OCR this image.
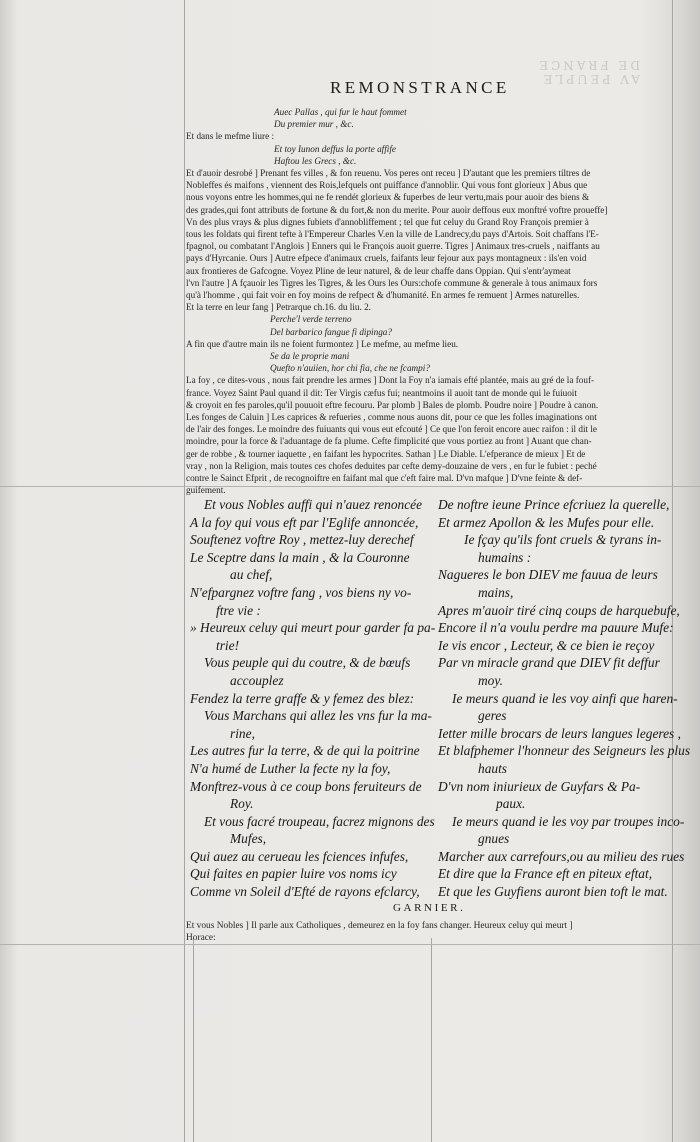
AV PEUPLE DE FRANCE
REMONSTRANCE

Auec Pallas , qui fur le haut fommet

Du premier mur , &c.

Et dans le mefme liure :

Et toy Iunon deffus la porte affife

Haftou les Grecs , &c.

Et d'auoir desrobé ] Prenant fes villes , & fon reuenu. Vos peres ont receu ] D'autant que les premiers tiltres de

Nobleffes és maifons , viennent des Rois,lefquels ont puiffance d'annoblir. Qui vous font glorieux ] Abus que

nous voyons entre les hommes,qui ne fe rendét glorieux & fuperbes de leur vertu,mais pour auoir des biens &

des grades,qui font attributs de fortune & du fort,& non du merite. Pour auoir deffous eux monftré voftre proueffe]

Vn des plus vrays & plus dignes fubiets d'annobliffement ; tel que fut celuy du Grand Roy François premier à

tous les foldats qui firent tefte à l'Empereur Charles V.en la ville de Landrecy,du pays d'Artois. Soit chaffans l'E-

fpagnol, ou combatant l'Anglois ] Enners qui le François auoit guerre. Tigres ] Animaux tres-cruels , naiffants au

pays d'Hyrcanie. Ours ] Autre efpece d'animaux cruels, faifants leur fejour aux pays montagneux : ils'en void

aux frontieres de Gafcogne. Voyez Pline de leur naturel, & de leur chaffe dans Oppian. Qui s'entr'aymeat

l'vn l'autre ] A fçauoir les Tigres les Tigres, & les Ours les Ours:chofe commune & generale à tous animaux fors

qu'à l'homme , qui fait voir en foy moins de refpect & d'humanité. En armes fe remuent ] Armes naturelles.

Et la terre en leur fang ] Petrarque ch.16. du liu. 2.

Perche'l verde terreno

Del barbarico fangue fi dipinga?

A fin que d'autre main ils ne foient furmontez ] Le mefme, au mefme lieu.

Se da le proprie mani

Quefto n'auiien, hor chi fia, che ne fcampi?

La foy , ce dites-vous , nous fait prendre les armes ] Dont la Foy n'a iamais efté plantée, mais au gré de la fouf-

france. Voyez Saint Paul quand il dit: Ter Virgis cæfus fui; neantmoins il auoit tant de monde qui le fuiuoit

& croyoit en fes paroles,qu'il pouuoit eftre fecouru. Par plomb ] Bales de plomb. Poudre noire ] Poudre à canon.

Les fonges de Caluin ] Les caprices & refueries , comme nous auons dit, pour ce que les folles imaginations ont

de l'air des fonges. Le moindre des fuiuants qui vous eut efcouté ] Ce que l'on feroit encore auec raifon : il dit le

moindre, pour la force & l'aduantage de fa plume. Cefte fimplicité que vous portiez au front ] Auant que chan-

ger de robbe , & tourner iaquette , en faifant les hypocrites. Sathan ] Le Diable. L'efperance de mieux ] Et de

vray , non la Religion, mais toutes ces chofes deduites par cefte demy-douzaine de vers , en fur le fubiet : peché

contre le Sainct Efprit , de recognoiftre en faifant mal que c'eft faire mal. D'vn mafque ] D'vne feinte & def-

guifement.

Et vous Nobles auffi qui n'auez renoncée
A la foy qui vous eft par l'Eglife annoncée,
Souftenez voftre Roy , mettez-luy derechef
Le Sceptre dans la main , & la Couronne
au chef,
N'efpargnez voftre fang , vos biens ny vo-
ftre vie :
» Heureux celuy qui meurt pour garder fa pa-
trie!
Vous peuple qui du coutre, & de bœufs
accouplez
Fendez la terre graffe & y femez des blez:
Vous Marchans qui allez les vns fur la ma-
rine,
Les autres fur la terre, & de qui la poitrine
N'a humé de Luther la fecte ny la foy,
Monftrez-vous à ce coup bons feruiteurs de
Roy.
Et vous facré troupeau, facrez mignons des
Mufes,
Qui auez au cerueau les fciences infufes,
Qui faites en papier luire vos noms icy
Comme vn Soleil d'Efté de rayons efclarcy,
De noftre ieune Prince efcriuez la querelle,
Et armez Apollon & les Mufes pour elle.
Ie fçay qu'ils font cruels & tyrans in-
humains :
Nagueres le bon DIEV me fauua de leurs
mains,
Apres m'auoir tiré cinq coups de harquebufe,
Encore il n'a voulu perdre ma pauure Mufe:
Ie vis encor , Lecteur, & ce bien ie reçoy
Par vn miracle grand que DIEV fit deffur
moy.
Ie meurs quand ie les voy ainfi que haren-
geres
Ietter mille brocars de leurs langues legeres ,
Et blafphemer l'honneur des Seigneurs les plus
hauts
D'vn nom iniurieux de Guyfars & Pa-
paux.
Ie meurs quand ie les voy par troupes inco-
gnues
Marcher aux carrefours,ou au milieu des rues
Et dire que la France eft en piteux eftat,
Et que les Guyfiens auront bien toft le mat.
GARNIER.

Et vous Nobles ] Il parle aux Catholiques , demeurez en la foy fans changer. Heureux celuy qui meurt ]

Horace:
